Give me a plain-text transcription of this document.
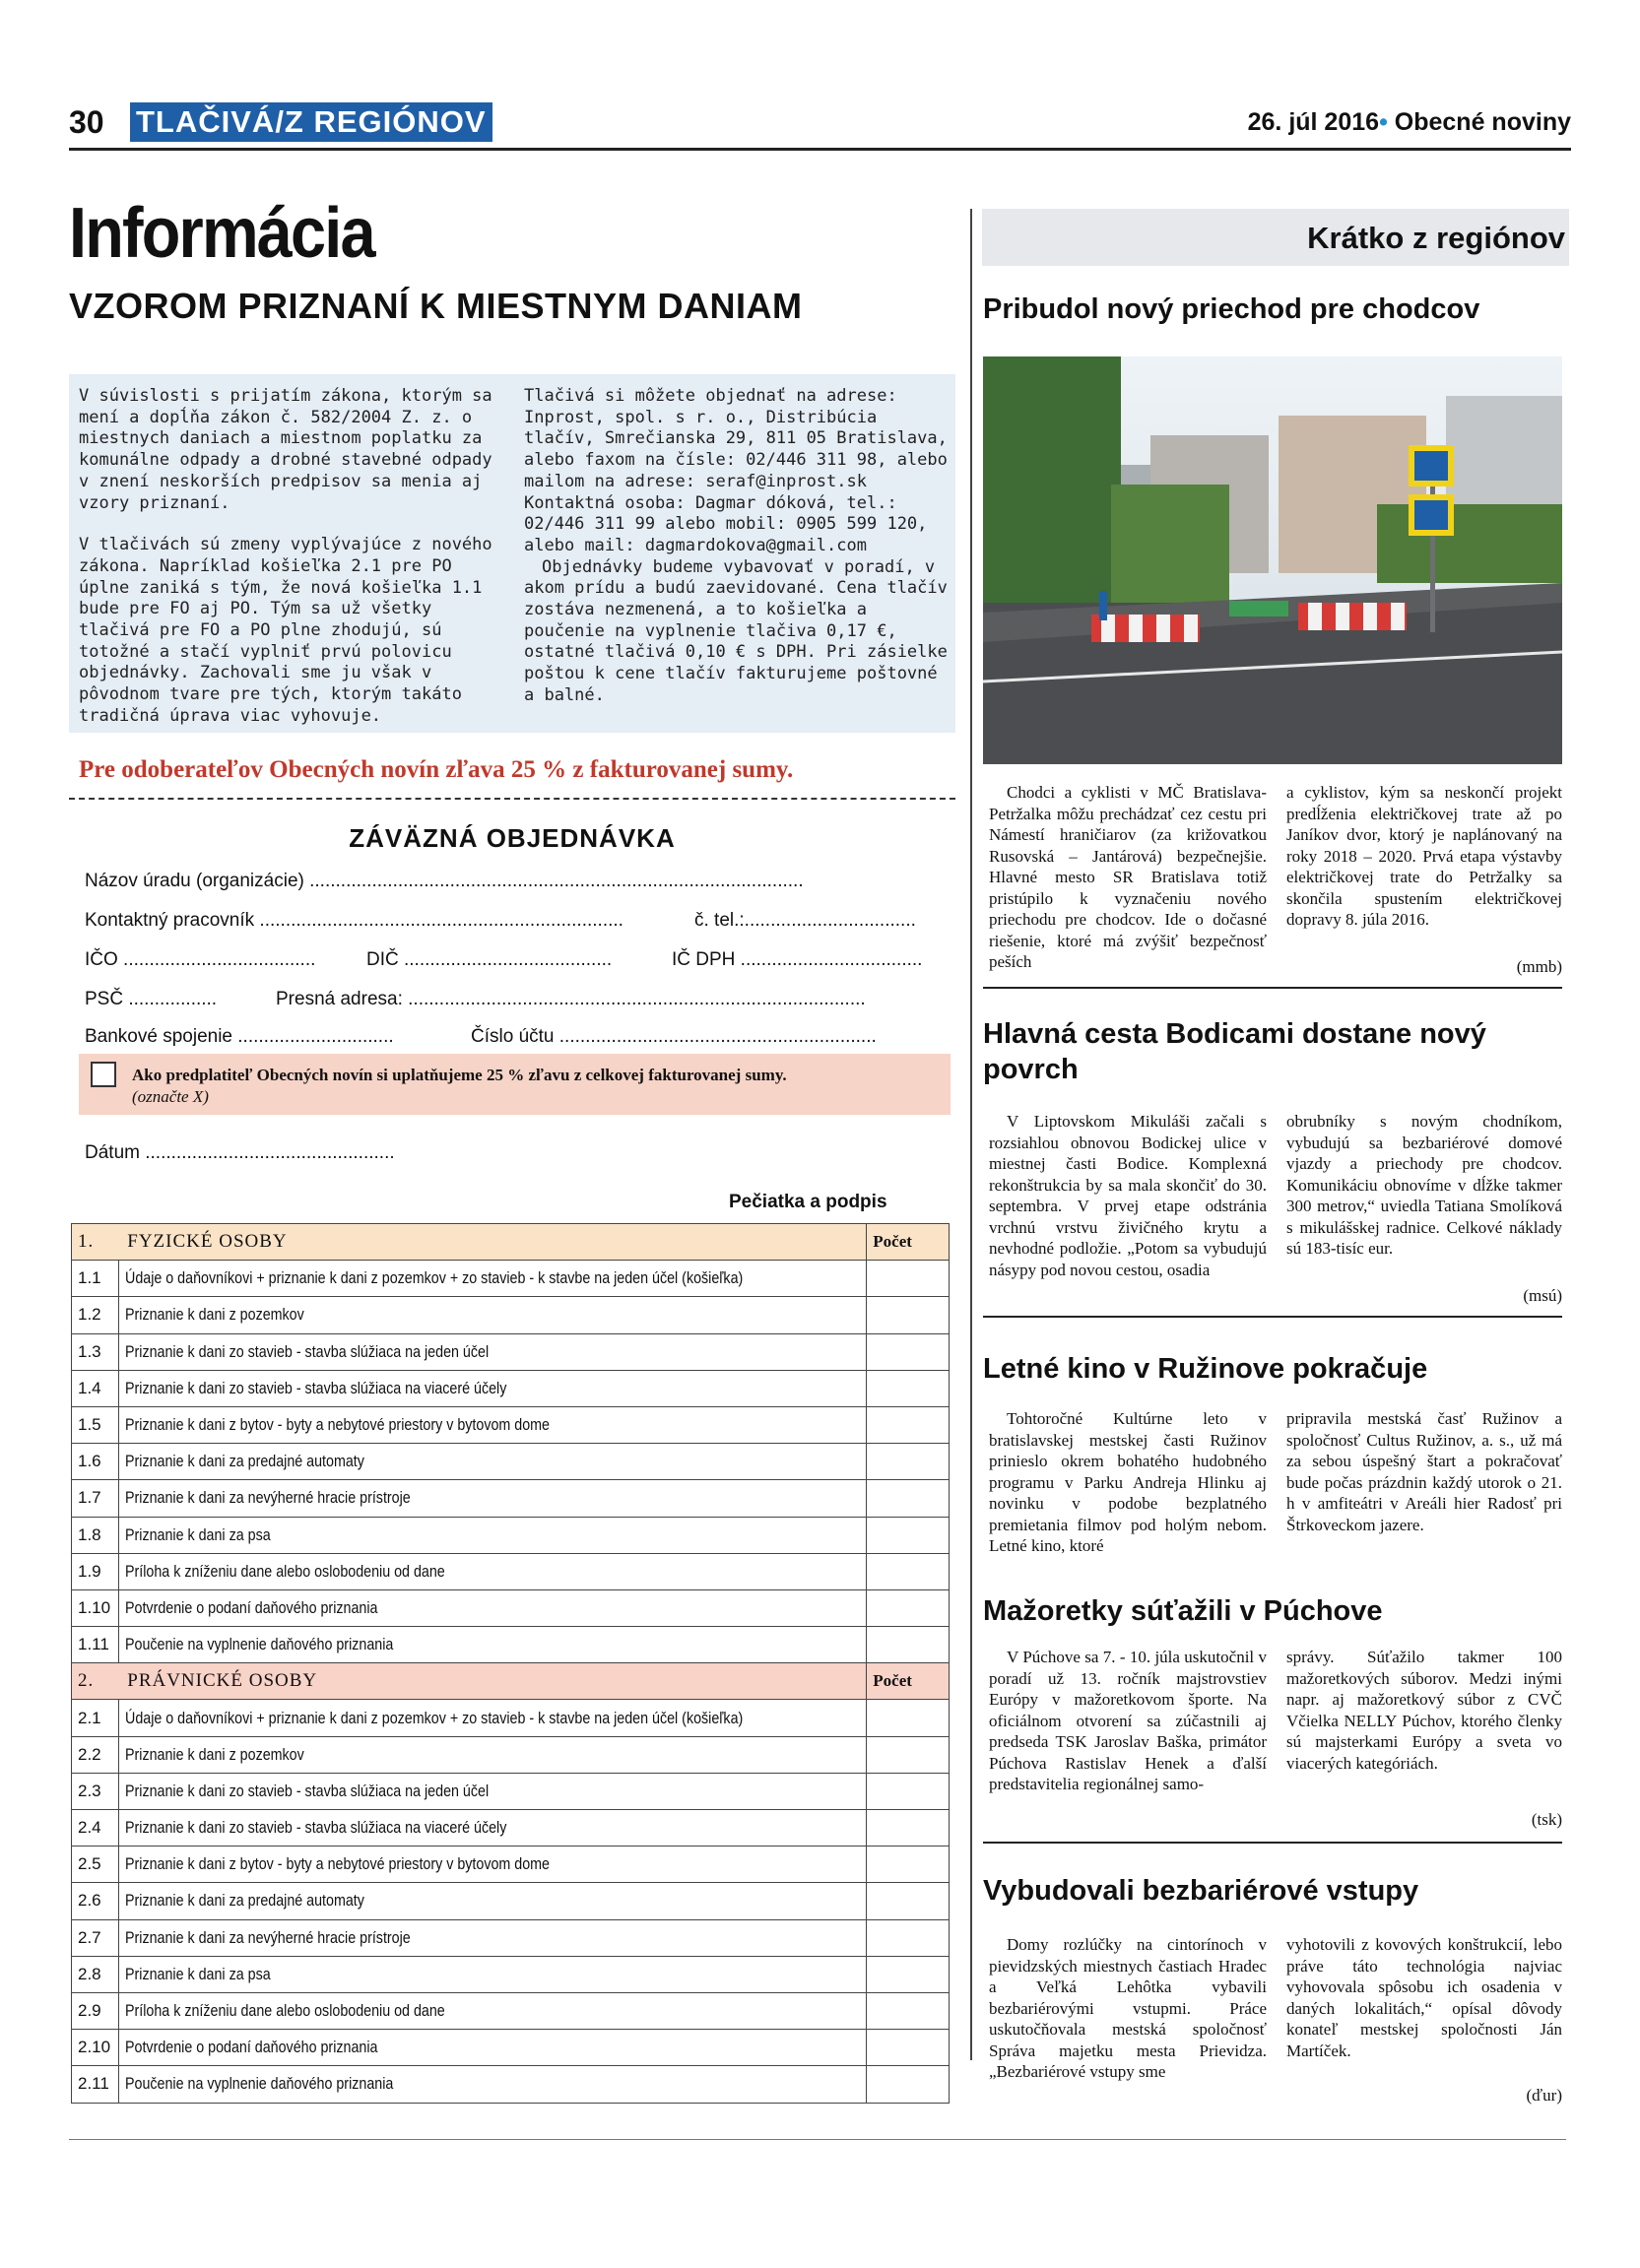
30 TLAČIVÁ/Z REGIÓNOV	26. júl 2016• Obecné noviny
Informácia
VZOROM PRIZNANÍ K MIESTNYM DANIAM

V súvislosti s prijatím zákona, ktorým sa mení a dopĺňa zákon č. 582/2004 Z. z. o miestnych daniach a miestnom poplatku za komunálne odpady a drobné stavebné odpady v znení neskorších predpisov sa menia aj vzory priznaní.

V tlačivách sú zmeny vyplývajúce z nového zákona. Napríklad košieľka 2.1 pre PO úplne zaniká s tým, že nová košieľka 1.1 bude pre FO aj PO. Tým sa už všetky tlačivá pre FO a PO plne zhodujú, sú totožné a stačí vyplniť prvú polovicu objednávky. Zachovali sme ju však v pôvodnom tvare pre tých, ktorým takáto tradičná úprava viac vyhovuje.

Tlačivá si môžete objednať na adrese: Inprost, spol. s r. o., Distribúcia tlačív, Smrečianska 29, 811 05 Bratislava, alebo faxom na čísle: 02/446 311 98, alebo mailom na adrese: seraf@inprost.sk Kontaktná osoba: Dagmar dóková, tel.: 02/446 311 99 alebo mobil: 0905 599 120, alebo mail: dagmardokova@gmail.com

Objednávky budeme vybavovať v poradí, v akom prídu a budú zaevidované. Cena tlačív zostáva nezmenená, a to košieľka a poučenie na vyplnenie tlačiva 0,17 €, ostatné tlačivá 0,10 € s DPH. Pri zásielke poštou k cene tlačív fakturujeme poštovné a balné.

Pre odoberateľov Obecných novín zľava 25 % z fakturovanej sumy.
ZÁVÄZNÁ OBJEDNÁVKA
Názov úradu (organizácie) ...............................................................................................
Kontaktný pracovník ......................................................................	č. tel.:.................................
IČO .....................................	DIČ ........................................	IČ DPH ...................................
PSČ .................	Presná adresa: ........................................................................................
Bankové spojenie ..............................	Číslo účtu .............................................................
Ako predplatiteľ Obecných novín si uplatňujeme 25 % zľavu z celkovej fakturovanej sumy.
(označte X)
Dátum ................................................
Pečiatka a podpis
1. FYZICKÉ OSOBY		Počet
1.1	Údaje o daňovníkovi + priznanie k dani z pozemkov + zo stavieb - k stavbe na jeden účel (košieľka)	
1.2	Priznanie k dani z pozemkov	
1.3	Priznanie k dani zo stavieb - stavba slúžiaca na jeden účel	
1.4	Priznanie k dani zo stavieb - stavba slúžiaca na viaceré účely	
1.5	Priznanie k dani z bytov - byty a nebytové priestory v bytovom dome	
1.6	Priznanie k dani za predajné automaty	
1.7	Priznanie k dani za nevýherné hracie prístroje	
1.8	Priznanie k dani za psa	
1.9	Príloha k zníženiu dane alebo oslobodeniu od dane	
1.10	Potvrdenie o podaní daňového priznania	
1.11	Poučenie na vyplnenie daňového priznania	
2. PRÁVNICKÉ OSOBY		Počet
2.1	Údaje o daňovníkovi + priznanie k dani z pozemkov + zo stavieb - k stavbe na jeden účel (košieľka)	
2.2	Priznanie k dani z pozemkov	
2.3	Priznanie k dani zo stavieb - stavba slúžiaca na jeden účel	
2.4	Priznanie k dani zo stavieb - stavba slúžiaca na viaceré účely	
2.5	Priznanie k dani z bytov - byty a nebytové priestory v bytovom dome	
2.6	Priznanie k dani za predajné automaty	
2.7	Priznanie k dani za nevýherné hracie prístroje	
2.8	Priznanie k dani za psa	
2.9	Príloha k zníženiu dane alebo oslobodeniu od dane	
2.10	Potvrdenie o podaní daňového priznania	
2.11	Poučenie na vyplnenie daňového priznania	
Krátko z regiónov
Pribudol nový priechod pre chodcov
Chodci a cyklisti v MČ Bratislava-Petržalka môžu prechádzať cez cestu pri Námestí hraničiarov (za križovatkou Rusovská – Jantárová) bezpečnejšie. Hlavné mesto SR Bratislava totiž pristúpilo k vyznačeniu nového priechodu pre chodcov. Ide o dočasné riešenie, ktoré má zvýšiť bezpečnosť peších
a cyklistov, kým sa neskončí projekt predĺženia električkovej trate až po Janíkov dvor, ktorý je naplánovaný na roky 2018 – 2020. Prvá etapa výstavby električkovej trate do Petržalky sa skončila spustením električkovej dopravy 8. júla 2016.
(mmb)
Hlavná cesta Bodicami dostane nový povrch
V Liptovskom Mikuláši začali s rozsiahlou obnovou Bodickej ulice v miestnej časti Bodice. Komplexná rekonštrukcia by sa mala skončiť do 30. septembra. V prvej etape odstránia vrchnú vrstvu živičného krytu a nevhodné podložie. „Potom sa vybudujú násypy pod novou cestou, osadia
obrubníky s novým chodníkom, vybudujú sa bezbariérové domové vjazdy a priechody pre chodcov. Komunikáciu obnovíme v dĺžke takmer 300 metrov,“ uviedla Tatiana Smolíková s mikulášskej radnice. Celkové náklady sú 183-tisíc eur.
(msú)
Letné kino v Ružinove pokračuje
Tohtoročné Kultúrne leto v bratislavskej mestskej časti Ružinov prinieslo okrem bohatého hudobného programu v Parku Andreja Hlinku aj novinku v podobe bezplatného premietania filmov pod holým nebom. Letné kino, ktoré
pripravila mestská časť Ružinov a spoločnosť Cultus Ružinov, a. s., už má za sebou úspešný štart a pokračovať bude počas prázdnin každý utorok o 21. h v amfiteátri v Areáli hier Radosť pri Štrkoveckom jazere.
Mažoretky súťažili v Púchove
V Púchove sa 7. - 10. júla uskutočnil v poradí už 13. ročník majstrovstiev Európy v mažoretkovom športe. Na oficiálnom otvorení sa zúčastnili aj predseda TSK Jaroslav Baška, primátor Púchova Rastislav Henek a ďalší predstavitelia regionálnej samo-
správy. Súťažilo takmer 100 mažoretkových súborov. Medzi inými napr. aj mažoretkový súbor z CVČ Včielka NELLY Púchov, ktorého členky sú majsterkami Európy a sveta vo viacerých kategóriách.
(tsk)
Vybudovali bezbariérové vstupy
Domy rozlúčky na cintorínoch v pievidzských miestnych častiach Hradec a Veľká Lehôtka vybavili bezbariérovými vstupmi. Práce uskutočňovala mestská spoločnosť Správa majetku mesta Prievidza. „Bezbariérové vstupy sme
vyhotovili z kovových konštrukcií, lebo práve táto technológia najviac vyhovovala spôsobu ich osadenia v daných lokalitách,“ opísal dôvody konateľ mestskej spoločnosti Ján Martíček.
(ďur)
